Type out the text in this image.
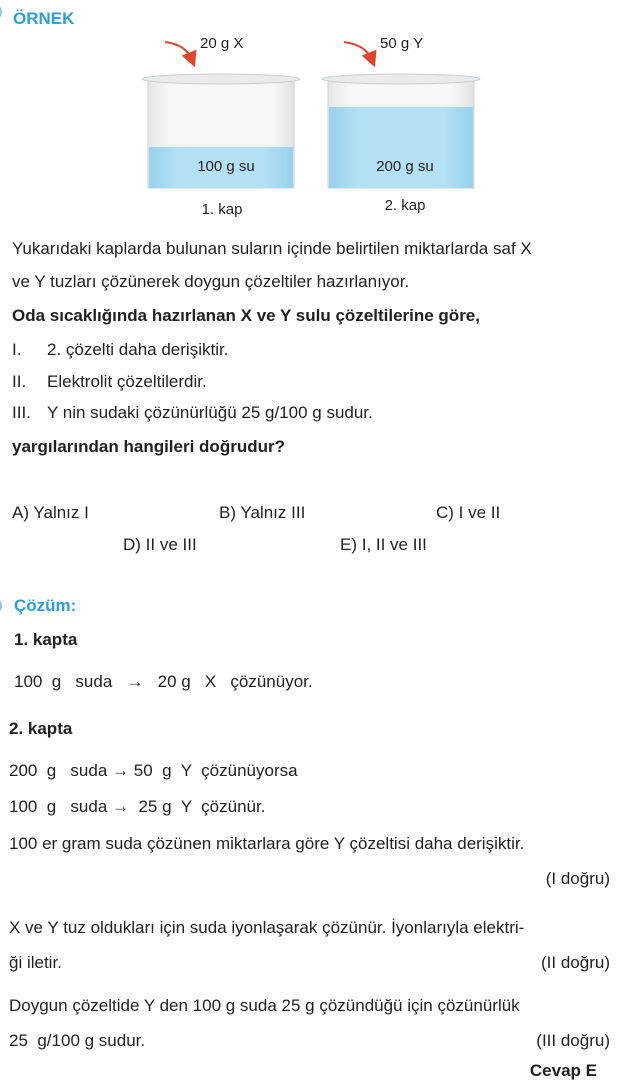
ÖRNEK
20 g X
100 g su
1. kap
50 g Y
200 g su
2. kap
Yukarıdaki kaplarda bulunan suların içinde belirtilen miktarlarda saf X
ve Y tuzları çözünerek doygun çözeltiler hazırlanıyor.
Oda sıcaklığında hazırlanan X ve Y sulu çözeltilerine göre,
I. 2. çözelti daha derişiktir.
II. Elektrolit çözeltilerdir.
III. Y nin sudaki çözünürlüğü 25 g/100 g sudur.
yargılarından hangileri doğrudur?
A) Yalnız I	B) Yalnız III	C) I ve II
D) II ve III	E) I, II ve III
Çözüm:
1. kapta
100  g   suda   →   20 g   X   çözünüyor.
2. kapta
200  g   suda → 50  g  Y  çözünüyorsa
100  g   suda →  25 g  Y  çözünür.
100 er gram suda çözünen miktarlara göre Y çözeltisi daha derişiktir.
(I doğru)
X ve Y tuz oldukları için suda iyonlaşarak çözünür. İyonlarıyla elektri-
ği iletir.	(II doğru)
Doygun çözeltide Y den 100 g suda 25 g çözündüğü için çözünürlük
25  g/100 g sudur.	(III doğru)
Cevap E
